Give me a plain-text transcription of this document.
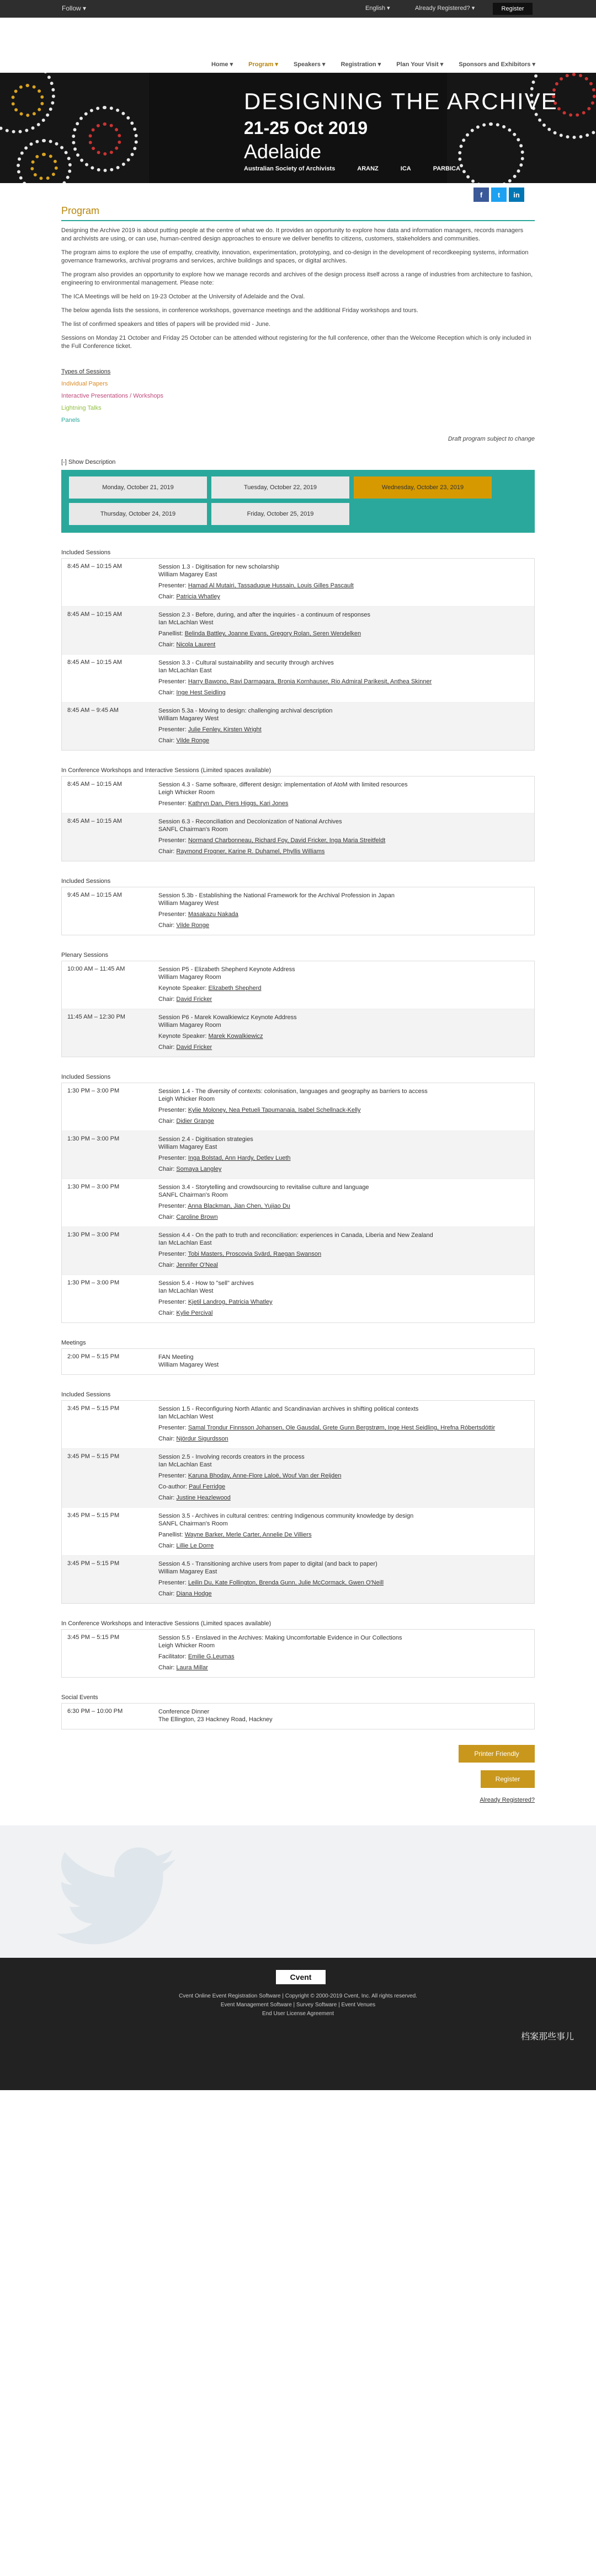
Follow ▾	English ▾	Already Registered? ▾	Register
Home ▾	Program ▾	Speakers ▾	Registration ▾	Plan Your Visit ▾	Sponsors and Exhibitors ▾
DESIGNING THE ARCHIVE
21-25 Oct 2019
Adelaide
Australian Society of Archivists	ARANZ	ICA	PARBICA
f	t	in
Program
Designing the Archive 2019 is about putting people at the centre of what we do. It provides an opportunity to explore how data and information managers, records managers and archivists are using, or can use, human-centred design approaches to ensure we deliver benefits to citizens, customers, stakeholders and communities.
The program aims to explore the use of empathy, creativity, innovation, experimentation, prototyping, and co-design in the development of recordkeeping systems, information governance frameworks, archival programs and services, archive buildings and spaces, or digital archives.
The program also provides an opportunity to explore how we manage records and archives of the design process itself across a range of industries from architecture to fashion, engineering to environmental management. Please note:
The ICA Meetings will be held on 19-23 October at the University of Adelaide and the Oval.
The below agenda lists the sessions, in conference workshops, governance meetings and the additional Friday workshops and tours.
The list of confirmed speakers and titles of papers will be provided mid - June.
Sessions on Monday 21 October and Friday 25 October can be attended without registering for the full conference, other than the Welcome Reception which is only included in the Full Conference ticket.
Types of Sessions
Individual Papers
Interactive Presentations / Workshops
Lightning Talks
Panels
Draft program subject to change
[-] Show Description
Monday, October 21, 2019	Tuesday, October 22, 2019	Wednesday, October 23, 2019
Thursday, October 24, 2019	Friday, October 25, 2019
Included Sessions
8:45 AM – 10:15 AM	Session 1.3 - Digitisation for new scholarship
William Magarey East
Presenter: Hamad Al Mutairi, Tassaduque Hussain, Louis Gilles Pascault
Chair: Patricia Whatley
8:45 AM – 10:15 AM	Session 2.3 - Before, during, and after the inquiries - a continuum of responses
Ian McLachlan West
Panellist: Belinda Battley, Joanne Evans, Gregory Rolan, Seren Wendelken
Chair: Nicola Laurent
8:45 AM – 10:15 AM	Session 3.3 - Cultural sustainability and security through archives
Ian McLachlan East
Presenter: Harry Bawono, Ravi Darmagara, Bronia Kornhauser, Rio Admiral Parikesit, Anthea Skinner
Chair: Inge Hest Seidling
8:45 AM – 9:45 AM	Session 5.3a - Moving to design: challenging archival description
William Magarey West
Presenter: Julie Fenley, Kirsten Wright
Chair: Vilde Ronge
In Conference Workshops and Interactive Sessions (Limited spaces available)
8:45 AM – 10:15 AM	Session 4.3 - Same software, different design: implementation of AtoM with limited resources
Leigh Whicker Room
Presenter: Kathryn Dan, Piers Higgs, Kari Jones
8:45 AM – 10:15 AM	Session 6.3 - Reconciliation and Decolonization of National Archives
SANFL Chairman's Room
Presenter: Normand Charbonneau, Richard Foy, David Fricker, Inga Maria Streitfeldt
Chair: Raymond Frogner, Karine R. Duhamel, Phyllis Williams
Included Sessions
9:45 AM – 10:15 AM	Session 5.3b - Establishing the National Framework for the Archival Profession in Japan
William Magarey West
Presenter: Masakazu Nakada
Chair: Vilde Ronge
Plenary Sessions
10:00 AM – 11:45 AM	Session P5 - Elizabeth Shepherd Keynote Address
William Magarey Room
Keynote Speaker: Elizabeth Shepherd
Chair: David Fricker
11:45 AM – 12:30 PM	Session P6 - Marek Kowalkiewicz Keynote Address
William Magarey Room
Keynote Speaker: Marek Kowalkiewicz
Chair: David Fricker
Included Sessions
1:30 PM – 3:00 PM	Session 1.4 - The diversity of contexts: colonisation, languages and geography as barriers to access
Leigh Whicker Room
Presenter: Kylie Moloney, Nea Petueli Tapumanaia, Isabel Schellnack-Kelly
Chair: Didier Grange
1:30 PM – 3:00 PM	Session 2.4 - Digitisation strategies
William Magarey East
Presenter: Inga Bolstad, Ann Hardy, Detlev Lueth
Chair: Somaya Langley
1:30 PM – 3:00 PM	Session 3.4 - Storytelling and crowdsourcing to revitalise culture and language
SANFL Chairman's Room
Presenter: Anna Blackman, Jian Chen, Yujiao Du
Chair: Caroline Brown
1:30 PM – 3:00 PM	Session 4.4 - On the path to truth and reconciliation: experiences in Canada, Liberia and New Zealand
Ian McLachlan East
Presenter: Tobi Masters, Proscovia Svärd, Raegan Swanson
Chair: Jennifer O'Neal
1:30 PM – 3:00 PM	Session 5.4 - How to "sell" archives
Ian McLachlan West
Presenter: Kjetil Landrog, Patricia Whatley
Chair: Kylie Percival
Meetings
2:00 PM – 5:15 PM	FAN Meeting
William Magarey West
Included Sessions
3:45 PM – 5:15 PM	Session 1.5 - Reconfiguring North Atlantic and Scandinavian archives in shifting political contexts
Ian McLachlan West
Presenter: Samal Trondur Finnsson Johansen, Ole Gausdal, Grete Gunn Bergstrøm, Inge Hest Seidling, Hrefna Róbertsdóttir
Chair: Njördur Sigurdsson
3:45 PM – 5:15 PM	Session 2.5 - Involving records creators in the process
Ian McLachlan East
Presenter: Karuna Bhoday, Anne-Flore Laloë, Wouf Van der Reijden
Co-author: Paul Ferridge
Chair: Justine Heazlewood
3:45 PM – 5:15 PM	Session 3.5 - Archives in cultural centres: centring Indigenous community knowledge by design
SANFL Chairman's Room
Panellist: Wayne Barker, Merle Carter, Annelie De Villiers
Chair: Lillie Le Dorre
3:45 PM – 5:15 PM	Session 4.5 - Transitioning archive users from paper to digital (and back to paper)
William Magarey East
Presenter: Leilin Du, Kate Follington, Brenda Gunn, Julie McCormack, Gwen O'Neill
Chair: Diana Hodge
In Conference Workshops and Interactive Sessions (Limited spaces available)
3:45 PM – 5:15 PM	Session 5.5 - Enslaved in the Archives: Making Uncomfortable Evidence in Our Collections
Leigh Whicker Room
Facilitator: Emilie G.Leumas
Chair: Laura Millar
Social Events
6:30 PM – 10:00 PM	Conference Dinner
The Ellington, 23 Hackney Road, Hackney
Printer Friendly
Register
Already Registered?
Cvent
Cvent Online Event Registration Software | Copyright © 2000-2019 Cvent, Inc. All rights reserved.
Event Management Software | Survey Software | Event Venues
End User License Agreement
档案那些事儿
